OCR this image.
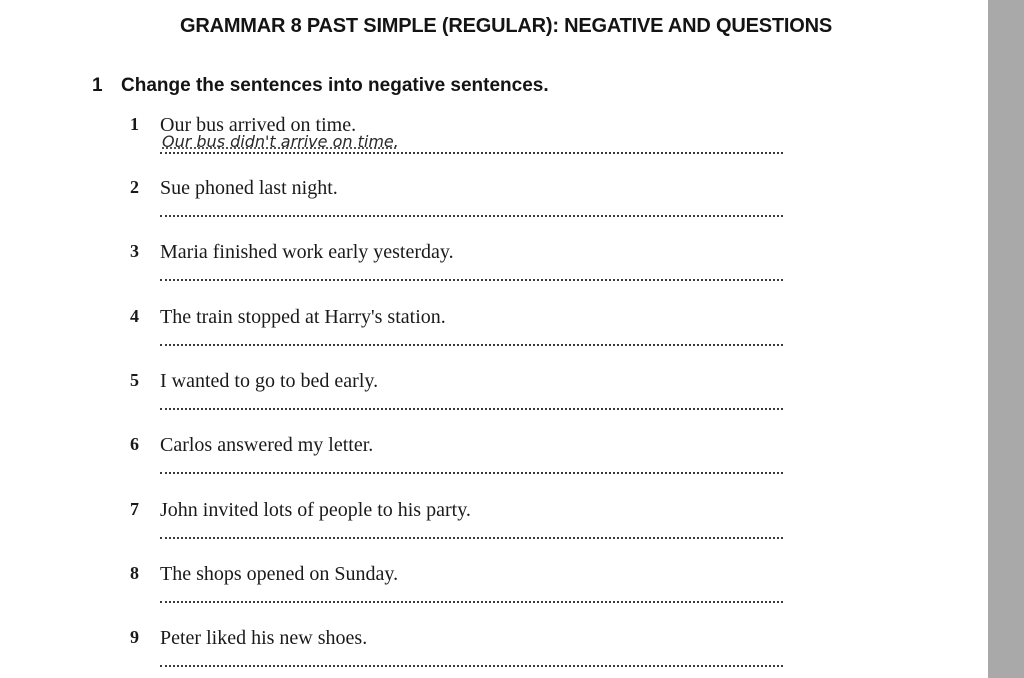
GRAMMAR 8 PAST SIMPLE (REGULAR): NEGATIVE AND QUESTIONS
1 Change the sentences into negative sentences.
1 Our bus arrived on time.
Our bus didn't arrive on time.
2 Sue phoned last night.
3 Maria finished work early yesterday.
4 The train stopped at Harry's station.
5 I wanted to go to bed early.
6 Carlos answered my letter.
7 John invited lots of people to his party.
8 The shops opened on Sunday.
9 Peter liked his new shoes.
